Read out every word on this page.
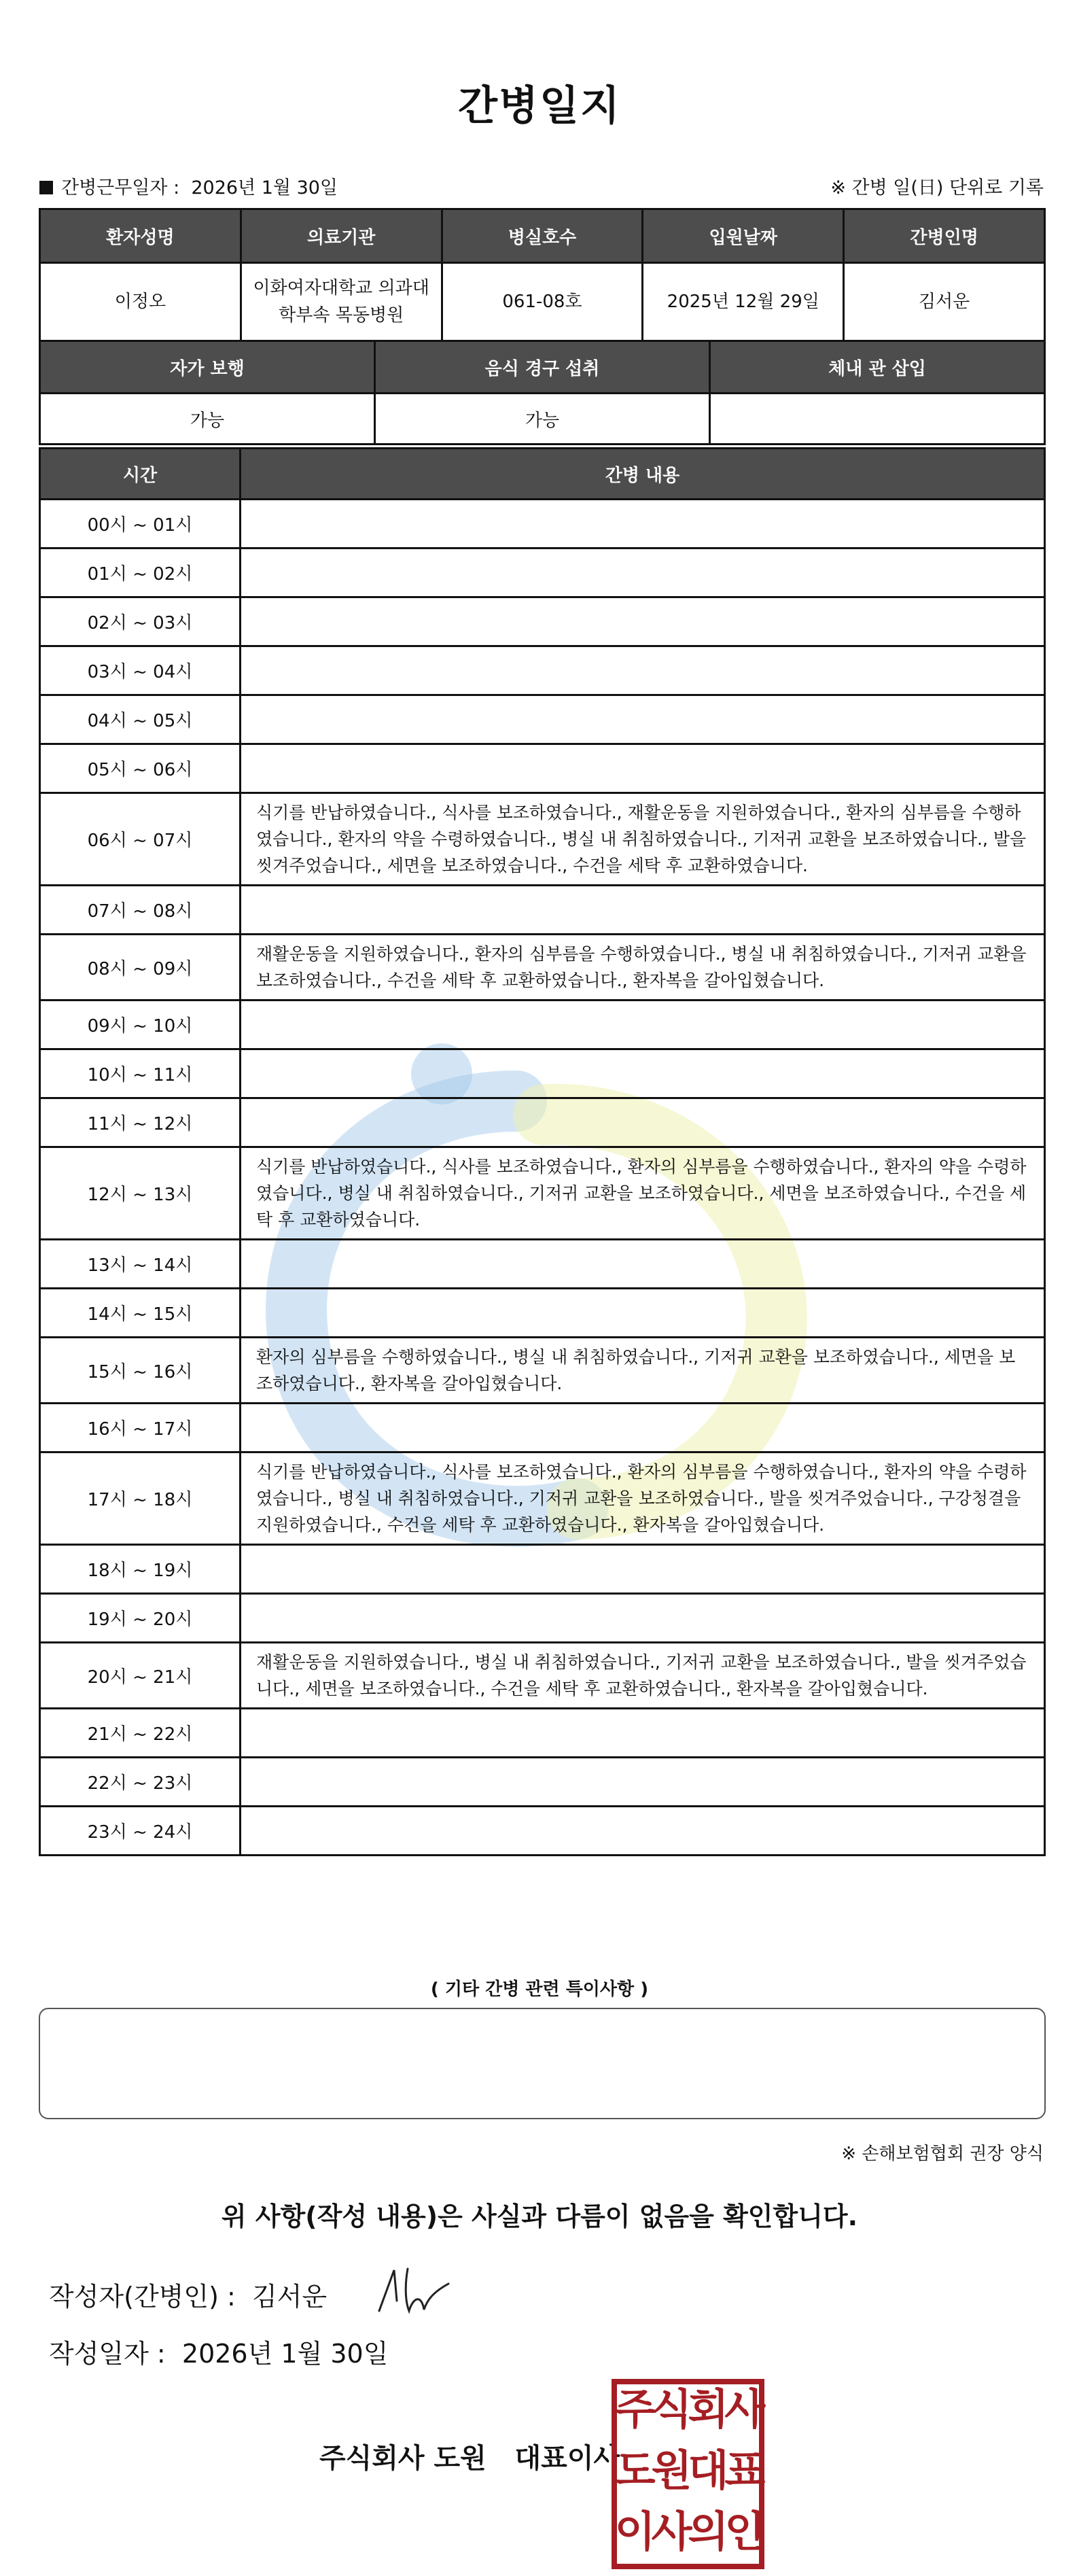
간병일지
간병근무일자 : 2026년 1월 30일	※ 간병 일(日) 단위로 기록
환자성명	의료기관	병실호수	입원날짜	간병인명
이정오	이화여자대학교 의과대
학부속 목동병원	061-08호	2025년 12월 29일	김서운
자가 보행	음식 경구 섭취	체내 관 삽입
가능	가능	
시간	간병 내용
00시 ~ 01시	
01시 ~ 02시	
02시 ~ 03시	
03시 ~ 04시	
04시 ~ 05시	
05시 ~ 06시	
06시 ~ 07시	식기를 반납하였습니다., 식사를 보조하였습니다., 재활운동을 지원하였습니다., 환자의 심부름을 수행하였습니다., 환자의 약을 수령하였습니다., 병실 내 취침하였습니다., 기저귀 교환을 보조하였습니다., 발을 씻겨주었습니다., 세면을 보조하였습니다., 수건을 세탁 후 교환하였습니다.
07시 ~ 08시	
08시 ~ 09시	재활운동을 지원하였습니다., 환자의 심부름을 수행하였습니다., 병실 내 취침하였습니다., 기저귀 교환을 보조하였습니다., 수건을 세탁 후 교환하였습니다., 환자복을 갈아입혔습니다.
09시 ~ 10시	
10시 ~ 11시	
11시 ~ 12시	
12시 ~ 13시	식기를 반납하였습니다., 식사를 보조하였습니다., 환자의 심부름을 수행하였습니다., 환자의 약을 수령하였습니다., 병실 내 취침하였습니다., 기저귀 교환을 보조하였습니다., 세면을 보조하였습니다., 수건을 세탁 후 교환하였습니다.
13시 ~ 14시	
14시 ~ 15시	
15시 ~ 16시	환자의 심부름을 수행하였습니다., 병실 내 취침하였습니다., 기저귀 교환을 보조하였습니다., 세면을 보조하였습니다., 환자복을 갈아입혔습니다.
16시 ~ 17시	
17시 ~ 18시	식기를 반납하였습니다., 식사를 보조하였습니다., 환자의 심부름을 수행하였습니다., 환자의 약을 수령하였습니다., 병실 내 취침하였습니다., 기저귀 교환을 보조하였습니다., 발을 씻겨주었습니다., 구강청결을 지원하였습니다., 수건을 세탁 후 교환하였습니다., 환자복을 갈아입혔습니다.
18시 ~ 19시	
19시 ~ 20시	
20시 ~ 21시	재활운동을 지원하였습니다., 병실 내 취침하였습니다., 기저귀 교환을 보조하였습니다., 발을 씻겨주었습니다., 세면을 보조하였습니다., 수건을 세탁 후 교환하였습니다., 환자복을 갈아입혔습니다.
21시 ~ 22시	
22시 ~ 23시	
23시 ~ 24시	
( 기타 간병 관련 특이사항 )
※ 손해보험협회 권장 양식
위 사항(작성 내용)은 사실과 다름이 없음을 확인합니다.
작성자(간병인) : 김서운
작성일자 : 2026년 1월 30일
주식회사 도원 대표이사
주식회사
도원대표
이사의인
